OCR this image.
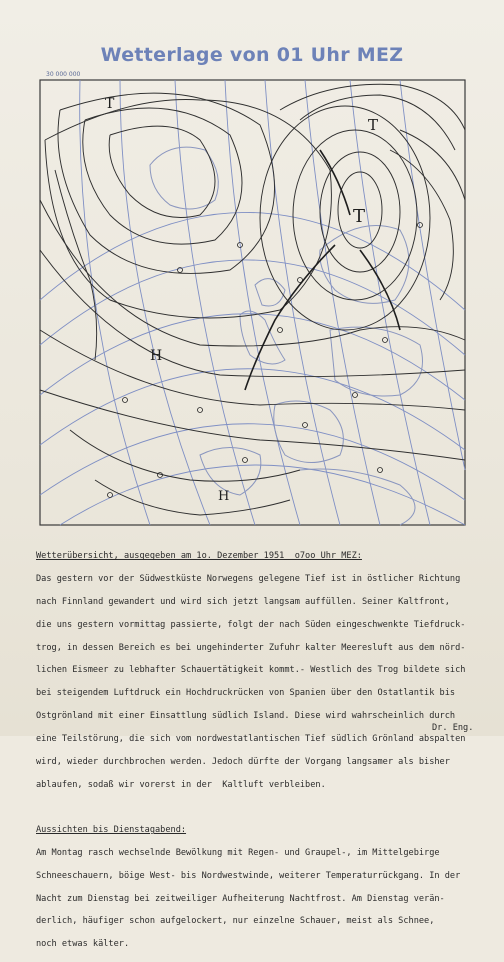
Wetterlage von 01 Uhr MEZ
30 000 000
T
T
T
H
H

Wetterübersicht, ausgegeben am 1o. Dezember 1951  o7oo Uhr MEZ:

Das gestern vor der Südwestküste Norwegens gelegene Tief ist in östlicher Richtung

nach Finnland gewandert und wird sich jetzt langsam auffüllen. Seiner Kaltfront,

die uns gestern vormittag passierte, folgt der nach Süden eingeschwenkte Tiefdruck-

trog, in dessen Bereich es bei ungehinderter Zufuhr kalter Meeresluft aus dem nörd-

lichen Eismeer zu lebhafter Schauertätigkeit kommt.- Westlich des Trog bildete sich

bei steigendem Luftdruck ein Hochdruckrücken von Spanien über den Ostatlantik bis

Ostgrönland mit einer Einsattlung südlich Island. Diese wird wahrscheinlich durch

eine Teilstörung, die sich vom nordwestatlantischen Tief südlich Grönland abspalten

wird, wieder durchbrochen werden. Jedoch dürfte der Vorgang langsamer als bisher

ablaufen, sodaß wir vorerst in der  Kaltluft verbleiben.

Aussichten bis Dienstagabend:

Am Montag rasch wechselnde Bewölkung mit Regen- und Graupel-, im Mittelgebirge

Schneeschauern, böige West- bis Nordwestwinde, weiterer Temperaturrückgang. In der

Nacht zum Dienstag bei zeitweiliger Aufheiterung Nachtfrost. Am Dienstag verän-

derlich, häufiger schon aufgelockert, nur einzelne Schauer, meist als Schnee,

noch etwas kälter.

Dr. Eng.
